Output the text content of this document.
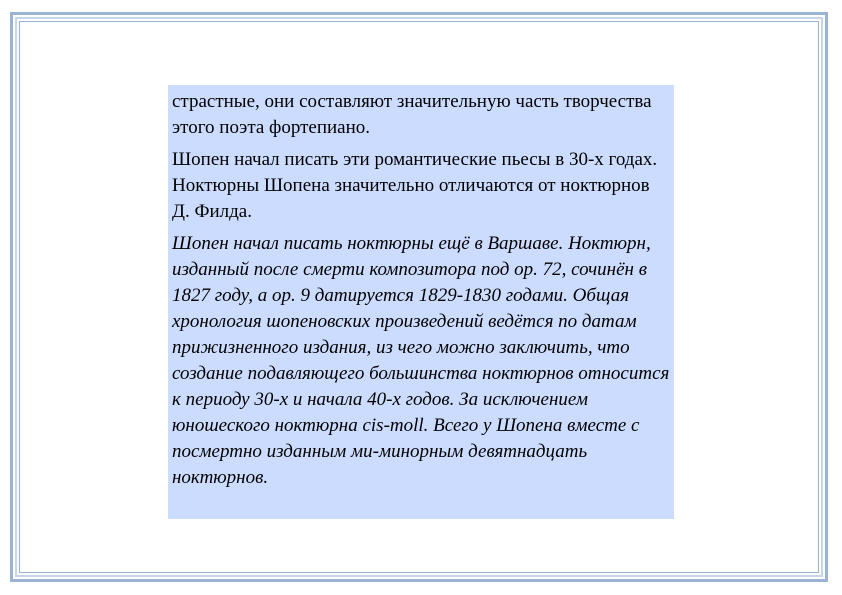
страстные, они составляют значительную часть творчества этого поэта фортепиано.

Шопен начал писать эти романтические пьесы в 30-х годах. Ноктюрны Шопена значительно отличаются от ноктюрнов Д. Филда.

Шопен начал писать ноктюрны ещё в Варшаве. Ноктюрн, изданный после смерти композитора под ор. 72, сочинён в 1827 году, а ор. 9 датируется 1829-1830 годами. Общая хронология шопеновских произведений ведётся по датам прижизненного издания, из чего можно заключить, что создание подавляющего большинства ноктюрнов относится к периоду 30-х и начала 40-х годов. За исключением юношеского ноктюрна cis-moll. Всего у Шопена вместе с посмертно изданным ми-минорным девятнадцать ноктюрнов.
